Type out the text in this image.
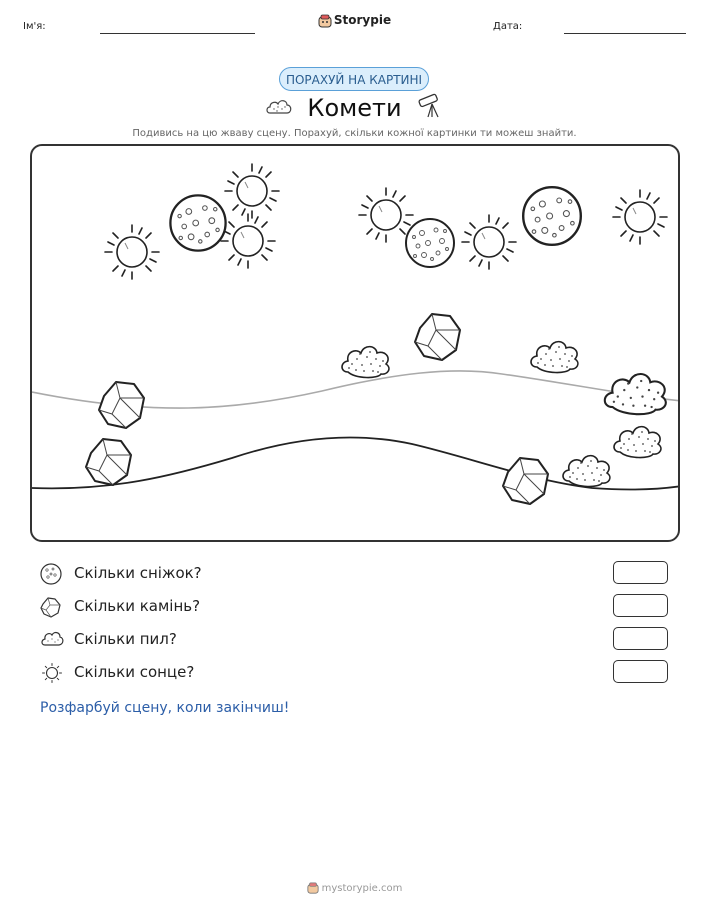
Ім'я:	Дата:
Storypie
ПОРАХУЙ НА КАРТИНІ
Комети
Подивись на цю жваву сцену. Порахуй, скільки кожної картинки ти можеш знайти.
Скільки сніжок?
Скільки камінь?
Скільки пил?
Скільки сонце?
Розфарбуй сцену, коли закінчиш!
mystorypie.com
